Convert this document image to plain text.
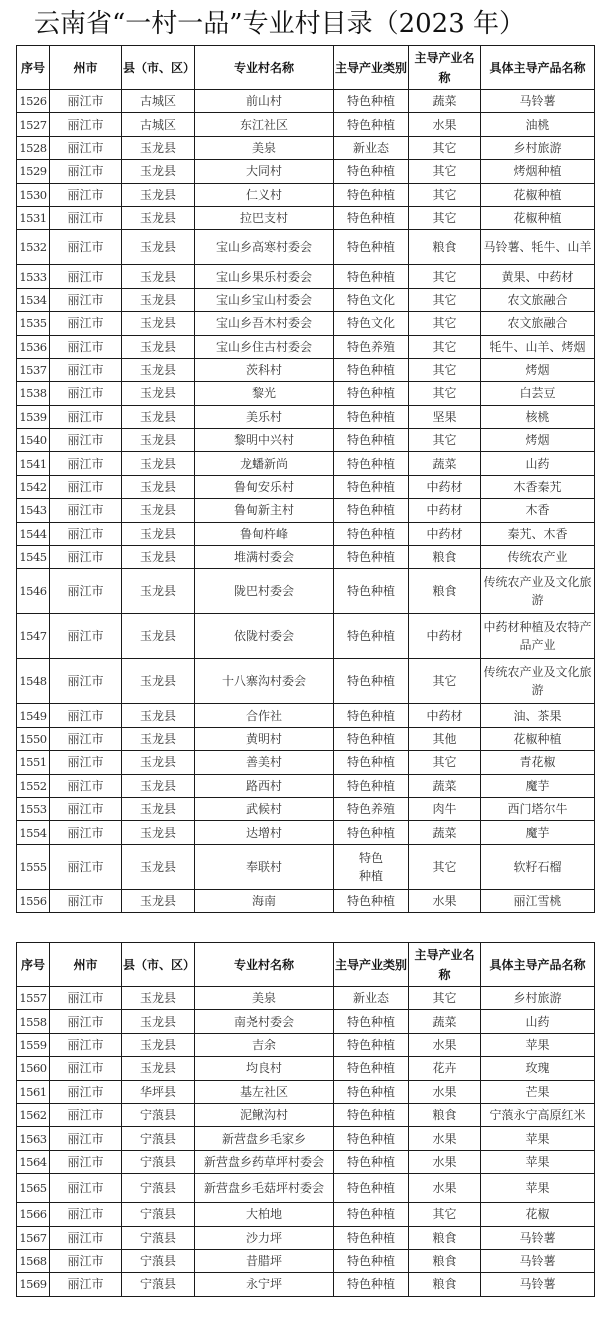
云南省“一村一品”专业村目录（2023 年）
序号	州市	县（市、区）	专业村名称	主导产业类别	主导产业名称	具体主导产品名称
1526	丽江市	古城区	前山村	特色种植	蔬菜	马铃薯
1527	丽江市	古城区	东江社区	特色种植	水果	油桃
1528	丽江市	玉龙县	美泉	新业态	其它	乡村旅游
1529	丽江市	玉龙县	大同村	特色种植	其它	烤烟种植
1530	丽江市	玉龙县	仁义村	特色种植	其它	花椒种植
1531	丽江市	玉龙县	拉巴支村	特色种植	其它	花椒种植
1532	丽江市	玉龙县	宝山乡高寒村委会	特色种植	粮食	马铃薯、牦牛、山羊
1533	丽江市	玉龙县	宝山乡果乐村委会	特色种植	其它	黄果、中药材
1534	丽江市	玉龙县	宝山乡宝山村委会	特色文化	其它	农文旅融合
1535	丽江市	玉龙县	宝山乡吾木村委会	特色文化	其它	农文旅融合
1536	丽江市	玉龙县	宝山乡住古村委会	特色养殖	其它	牦牛、山羊、烤烟
1537	丽江市	玉龙县	茨科村	特色种植	其它	烤烟
1538	丽江市	玉龙县	黎光	特色种植	其它	白芸豆
1539	丽江市	玉龙县	美乐村	特色种植	坚果	核桃
1540	丽江市	玉龙县	黎明中兴村	特色种植	其它	烤烟
1541	丽江市	玉龙县	龙蟠新尚	特色种植	蔬菜	山药
1542	丽江市	玉龙县	鲁甸安乐村	特色种植	中药材	木香秦艽
1543	丽江市	玉龙县	鲁甸新主村	特色种植	中药材	木香
1544	丽江市	玉龙县	鲁甸杵峰	特色种植	中药材	秦艽、木香
1545	丽江市	玉龙县	堆满村委会	特色种植	粮食	传统农产业
1546	丽江市	玉龙县	陇巴村委会	特色种植	粮食	传统农产业及文化旅游
1547	丽江市	玉龙县	依陇村委会	特色种植	中药材	中药材种植及农特产品产业
1548	丽江市	玉龙县	十八寨沟村委会	特色种植	其它	传统农产业及文化旅游
1549	丽江市	玉龙县	合作社	特色种植	中药材	油、茶果
1550	丽江市	玉龙县	黄明村	特色种植	其他	花椒种植
1551	丽江市	玉龙县	善美村	特色种植	其它	青花椒
1552	丽江市	玉龙县	路西村	特色种植	蔬菜	魔芋
1553	丽江市	玉龙县	武候村	特色养殖	肉牛	西门塔尔牛
1554	丽江市	玉龙县	达增村	特色种植	蔬菜	魔芋
1555	丽江市	玉龙县	奉联村	特色种植	其它	软籽石榴
1556	丽江市	玉龙县	海南	特色种植	水果	丽江雪桃
序号	州市	县（市、区）	专业村名称	主导产业类别	主导产业名称	具体主导产品名称
1557	丽江市	玉龙县	美泉	新业态	其它	乡村旅游
1558	丽江市	玉龙县	南尧村委会	特色种植	蔬菜	山药
1559	丽江市	玉龙县	吉余	特色种植	水果	苹果
1560	丽江市	玉龙县	均良村	特色种植	花卉	玫瑰
1561	丽江市	华坪县	基左社区	特色种植	水果	芒果
1562	丽江市	宁蒗县	泥鳅沟村	特色种植	粮食	宁蒗永宁高原红米
1563	丽江市	宁蒗县	新营盘乡毛家乡	特色种植	水果	苹果
1564	丽江市	宁蒗县	新营盘乡药草坪村委会	特色种植	水果	苹果
1565	丽江市	宁蒗县	新营盘乡毛菇坪村委会	特色种植	水果	苹果
1566	丽江市	宁蒗县	大柏地	特色种植	其它	花椒
1567	丽江市	宁蒗县	沙力坪	特色种植	粮食	马铃薯
1568	丽江市	宁蒗县	昔腊坪	特色种植	粮食	马铃薯
1569	丽江市	宁蒗县	永宁坪	特色种植	粮食	马铃薯
